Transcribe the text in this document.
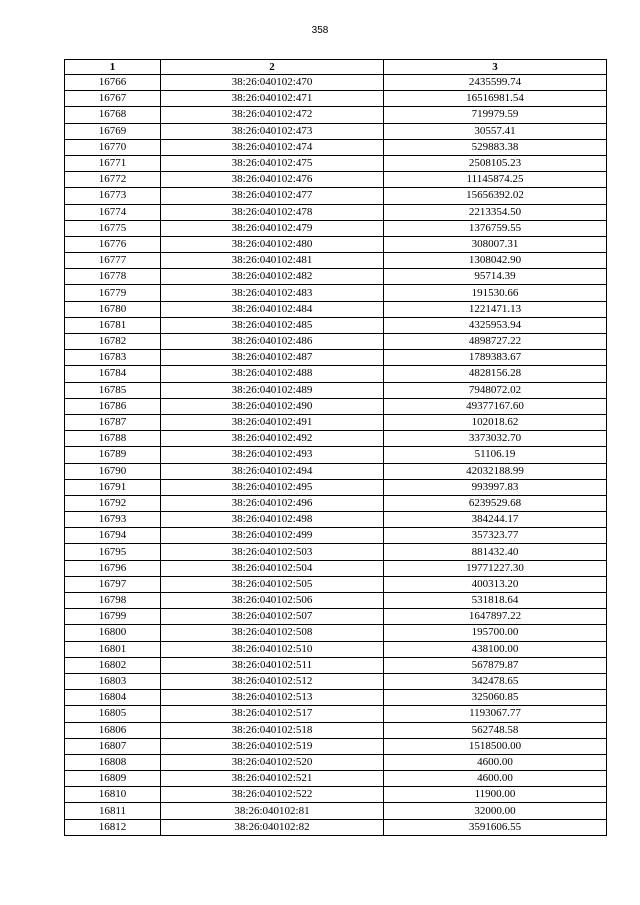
358
1	2	3
16766	38:26:040102:470	2435599.74
16767	38:26:040102:471	16516981.54
16768	38:26:040102:472	719979.59
16769	38:26:040102:473	30557.41
16770	38:26:040102:474	529883.38
16771	38:26:040102:475	2508105.23
16772	38:26:040102:476	11145874.25
16773	38:26:040102:477	15656392.02
16774	38:26:040102:478	2213354.50
16775	38:26:040102:479	1376759.55
16776	38:26:040102:480	308007.31
16777	38:26:040102:481	1308042.90
16778	38:26:040102:482	95714.39
16779	38:26:040102:483	191530.66
16780	38:26:040102:484	1221471.13
16781	38:26:040102:485	4325953.94
16782	38:26:040102:486	4898727.22
16783	38:26:040102:487	1789383.67
16784	38:26:040102:488	4828156.28
16785	38:26:040102:489	7948072.02
16786	38:26:040102:490	49377167.60
16787	38:26:040102:491	102018.62
16788	38:26:040102:492	3373032.70
16789	38:26:040102:493	51106.19
16790	38:26:040102:494	42032188.99
16791	38:26:040102:495	993997.83
16792	38:26:040102:496	6239529.68
16793	38:26:040102:498	384244.17
16794	38:26:040102:499	357323.77
16795	38:26:040102:503	881432.40
16796	38:26:040102:504	19771227.30
16797	38:26:040102:505	400313.20
16798	38:26:040102:506	531818.64
16799	38:26:040102:507	1647897.22
16800	38:26:040102:508	195700.00
16801	38:26:040102:510	438100.00
16802	38:26:040102:511	567879.87
16803	38:26:040102:512	342478.65
16804	38:26:040102:513	325060.85
16805	38:26:040102:517	1193067.77
16806	38:26:040102:518	562748.58
16807	38:26:040102:519	1518500.00
16808	38:26:040102:520	4600.00
16809	38:26:040102:521	4600.00
16810	38:26:040102:522	11900.00
16811	38:26:040102:81	32000.00
16812	38:26:040102:82	3591606.55
